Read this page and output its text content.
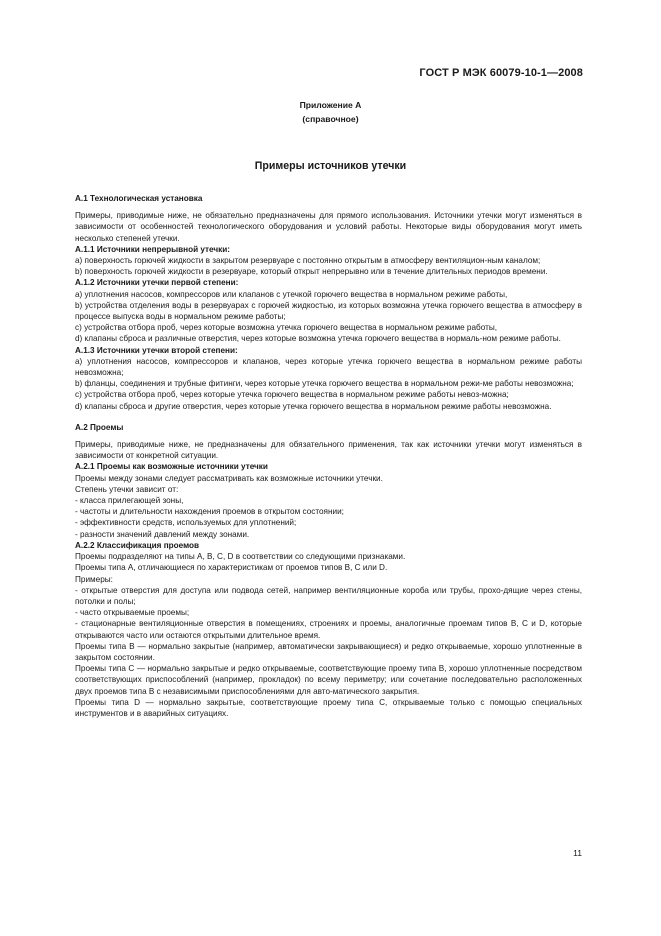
ГОСТ Р МЭК 60079-10-1—2008
Приложение А
(справочное)
Примеры источников утечки

А.1 Технологическая установка

Примеры, приводимые ниже, не обязательно предназначены для прямого использования. Источники утечки могут изменяться в зависимости от особенностей технологического оборудования и условий работы. Некоторые виды оборудования могут иметь несколько степеней утечки.

А.1.1 Источники непрерывной утечки:

а) поверхность горючей жидкости в закрытом резервуаре с постоянно открытым в атмосферу вентиляцион-ным каналом;

b) поверхность горючей жидкости в резервуаре, который открыт непрерывно или в течение длительных периодов времени.

А.1.2 Источники утечки первой степени:

а) уплотнения насосов, компрессоров или клапанов с утечкой горючего вещества в нормальном режиме работы,

b) устройства отделения воды в резервуарах с горючей жидкостью, из которых возможна утечка горючего вещества в атмосферу в процессе выпуска воды в нормальном режиме работы;

с) устройства отбора проб, через которые возможна утечка горючего вещества в нормальном режиме работы,

d) клапаны сброса и различные отверстия, через которые возможна утечка горючего вещества в нормаль-ном режиме работы.

А.1.3 Источники утечки второй степени:

а) уплотнения насосов, компрессоров и клапанов, через которые утечка горючего вещества в нормальном режиме работы невозможна;

b) фланцы, соединения и трубные фитинги, через которые утечка горючего вещества в нормальном режи-ме работы невозможна;

с) устройства отбора проб, через которые утечка горючего вещества в нормальном режиме работы невоз-можна;

d) клапаны сброса и другие отверстия, через которые утечка горючего вещества в нормальном режиме работы невозможна.

А.2 Проемы

Примеры, приводимые ниже, не предназначены для обязательного применения, так как источники утечки могут изменяться в зависимости от конкретной ситуации.

А.2.1 Проемы как возможные источники утечки

Проемы между зонами следует рассматривать как возможные источники утечки.

Степень утечки зависит от:

- класса прилегающей зоны,

- частоты и длительности нахождения проемов в открытом состоянии;

- эффективности средств, используемых для уплотнений;

- разности значений давлений между зонами.

А.2.2 Классификация проемов

Проемы подразделяют на типы А, В, С, D в соответствии со следующими признаками.

Проемы типа А, отличающиеся по характеристикам от проемов типов В, С или D.

Примеры:

- открытые отверстия для доступа или подвода сетей, например вентиляционные короба или трубы, прохо-дящие через стены, потолки и полы;

- часто открываемые проемы;

- стационарные вентиляционные отверстия в помещениях, строениях и проемы, аналогичные проемам типов В, С и D, которые открываются часто или остаются открытыми длительное время.

Проемы типа В — нормально закрытые (например, автоматически закрывающиеся) и редко открываемые, хорошо уплотненные в закрытом состоянии.

Проемы типа С — нормально закрытые и редко открываемые, соответствующие проему типа В, хорошо уплотненные посредством соответствующих приспособлений (например, прокладок) по всему периметру; или сочетание последовательно расположенных двух проемов типа В с независимыми приспособлениями для авто-матического закрытия.

Проемы типа D — нормально закрытые, соответствующие проему типа С, открываемые только с помощью специальных инструментов и в аварийных ситуациях.

11
